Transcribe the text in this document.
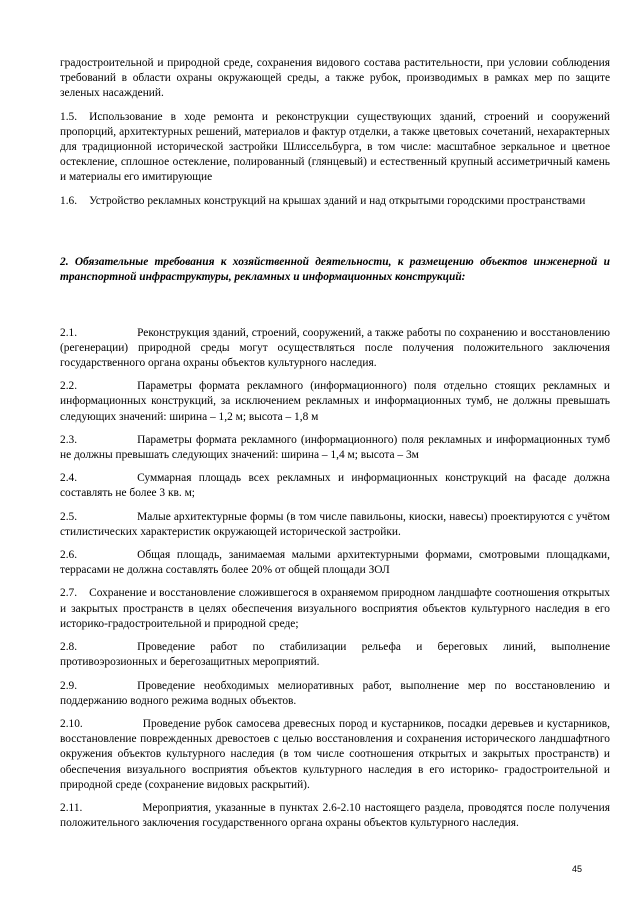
градостроительной и природной среде, сохранения видового состава растительности, при условии соблюдения требований в области охраны окружающей среды, а также рубок, производимых в рамках мер по защите зеленых насаждений.

1.5. Использование в ходе ремонта и реконструкции существующих зданий, строений и сооружений пропорций, архитектурных решений, материалов и фактур отделки, а также цветовых сочетаний, нехарактерных для традиционной исторической застройки Шлиссельбурга, в том числе: масштабное зеркальное и цветное остекление, сплошное остекление, полированный (глянцевый) и естественный крупный ассиметричный камень и материалы его имитирующие

1.6. Устройство рекламных конструкций на крышах зданий и над открытыми городскими пространствами

2. Обязательные требования к хозяйственной деятельности, к размещению объектов инженерной и транспортной инфраструктуры, рекламных и информационных конструкций:

2.1.	Реконструкция зданий, строений, сооружений, а также работы по сохранению и восстановлению (регенерации) природной среды могут осуществляться после получения положительного заключения государственного органа охраны объектов культурного наследия.

2.2.	Параметры формата рекламного (информационного) поля отдельно стоящих рекламных и информационных конструкций, за исключением рекламных и информационных тумб, не должны превышать следующих значений: ширина – 1,2 м; высота – 1,8 м

2.3.	Параметры формата рекламного (информационного) поля рекламных и информационных тумб не должны превышать следующих значений: ширина – 1,4 м; высота – 3м

2.4.	Суммарная площадь всех рекламных и информационных конструкций на фасаде должна составлять не более 3 кв. м;

2.5.	Малые архитектурные формы (в том числе павильоны, киоски, навесы) проектируются с учётом стилистических характеристик окружающей исторической застройки.

2.6.	Общая площадь, занимаемая малыми архитектурными формами, смотровыми площадками, террасами не должна составлять более 20% от общей площади ЗОЛ

2.7. Сохранение и восстановление сложившегося в охраняемом природном ландшафте соотношения открытых и закрытых пространств в целях обеспечения визуального восприятия объектов культурного наследия в его историко-градостроительной и природной среде;

2.8.	Проведение работ по стабилизации рельефа и береговых линий, выполнение противоэрозионных и берегозащитных мероприятий.

2.9.	Проведение необходимых мелиоративных работ, выполнение мер по восстановлению и поддержанию водного режима водных объектов.

2.10.	Проведение рубок самосева древесных пород и кустарников, посадки деревьев и кустарников, восстановление поврежденных древостоев с целью восстановления и сохранения исторического ландшафтного окружения объектов культурного наследия (в том числе соотношения открытых и закрытых пространств) и обеспечения визуального восприятия объектов культурного наследия в его историко- градостроительной и природной среде (сохранение видовых раскрытий).

2.11.	Мероприятия, указанные в пунктах 2.6-2.10 настоящего раздела, проводятся после получения положительного заключения государственного органа охраны объектов культурного наследия.

45
